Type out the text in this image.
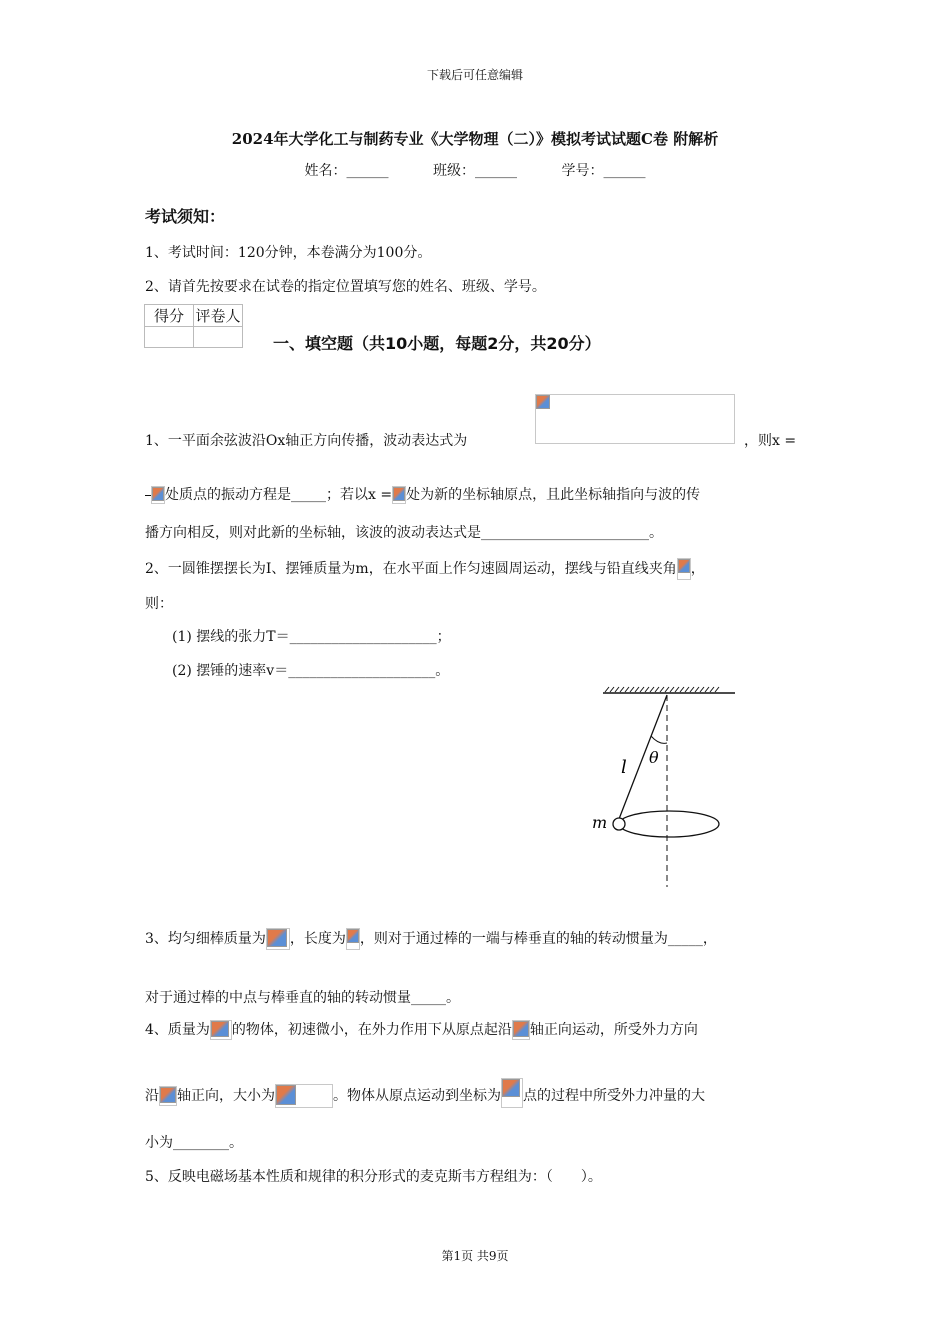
下载后可任意编辑
2024年大学化工与制药专业《大学物理（二）》模拟考试试题C卷 附解析
姓名：______	班级：______	学号：______
考试须知：
1、考试时间：120分钟，本卷满分为100分。
2、请首先按要求在试卷的指定位置填写您的姓名、班级、学号。
得分	评卷人

一、填空题（共10小题，每题2分，共20分）
1、一平面余弦波沿Ox轴正方向传播，波动表达式为	，则x =
处质点的振动方程是_____；若以x = 处为新的坐标轴原点，且此坐标轴指向与波的传
播方向相反，则对此新的坐标轴，该波的波动表达式是________________________。
2、一圆锥摆摆长为I、摆锤质量为m，在水平面上作匀速圆周运动，摆线与铅直线夹角 ，
则：
(1) 摆线的张力T＝_____________________；
(2) 摆锤的速率v＝_____________________。
l θ
m
3、均匀细棒质量为 ，长度为 ，则对于通过棒的一端与棒垂直的轴的转动惯量为_____，
对于通过棒的中点与棒垂直的轴的转动惯量_____。
4、质量为 的物体，初速微小，在外力作用下从原点起沿 轴正向运动，所受外力方向
沿 轴正向，大小为	。物体从原点运动到坐标为 点的过程中所受外力冲量的大
小为________。
5、反映电磁场基本性质和规律的积分形式的麦克斯韦方程组为：（　　）。
第1页 共9页
